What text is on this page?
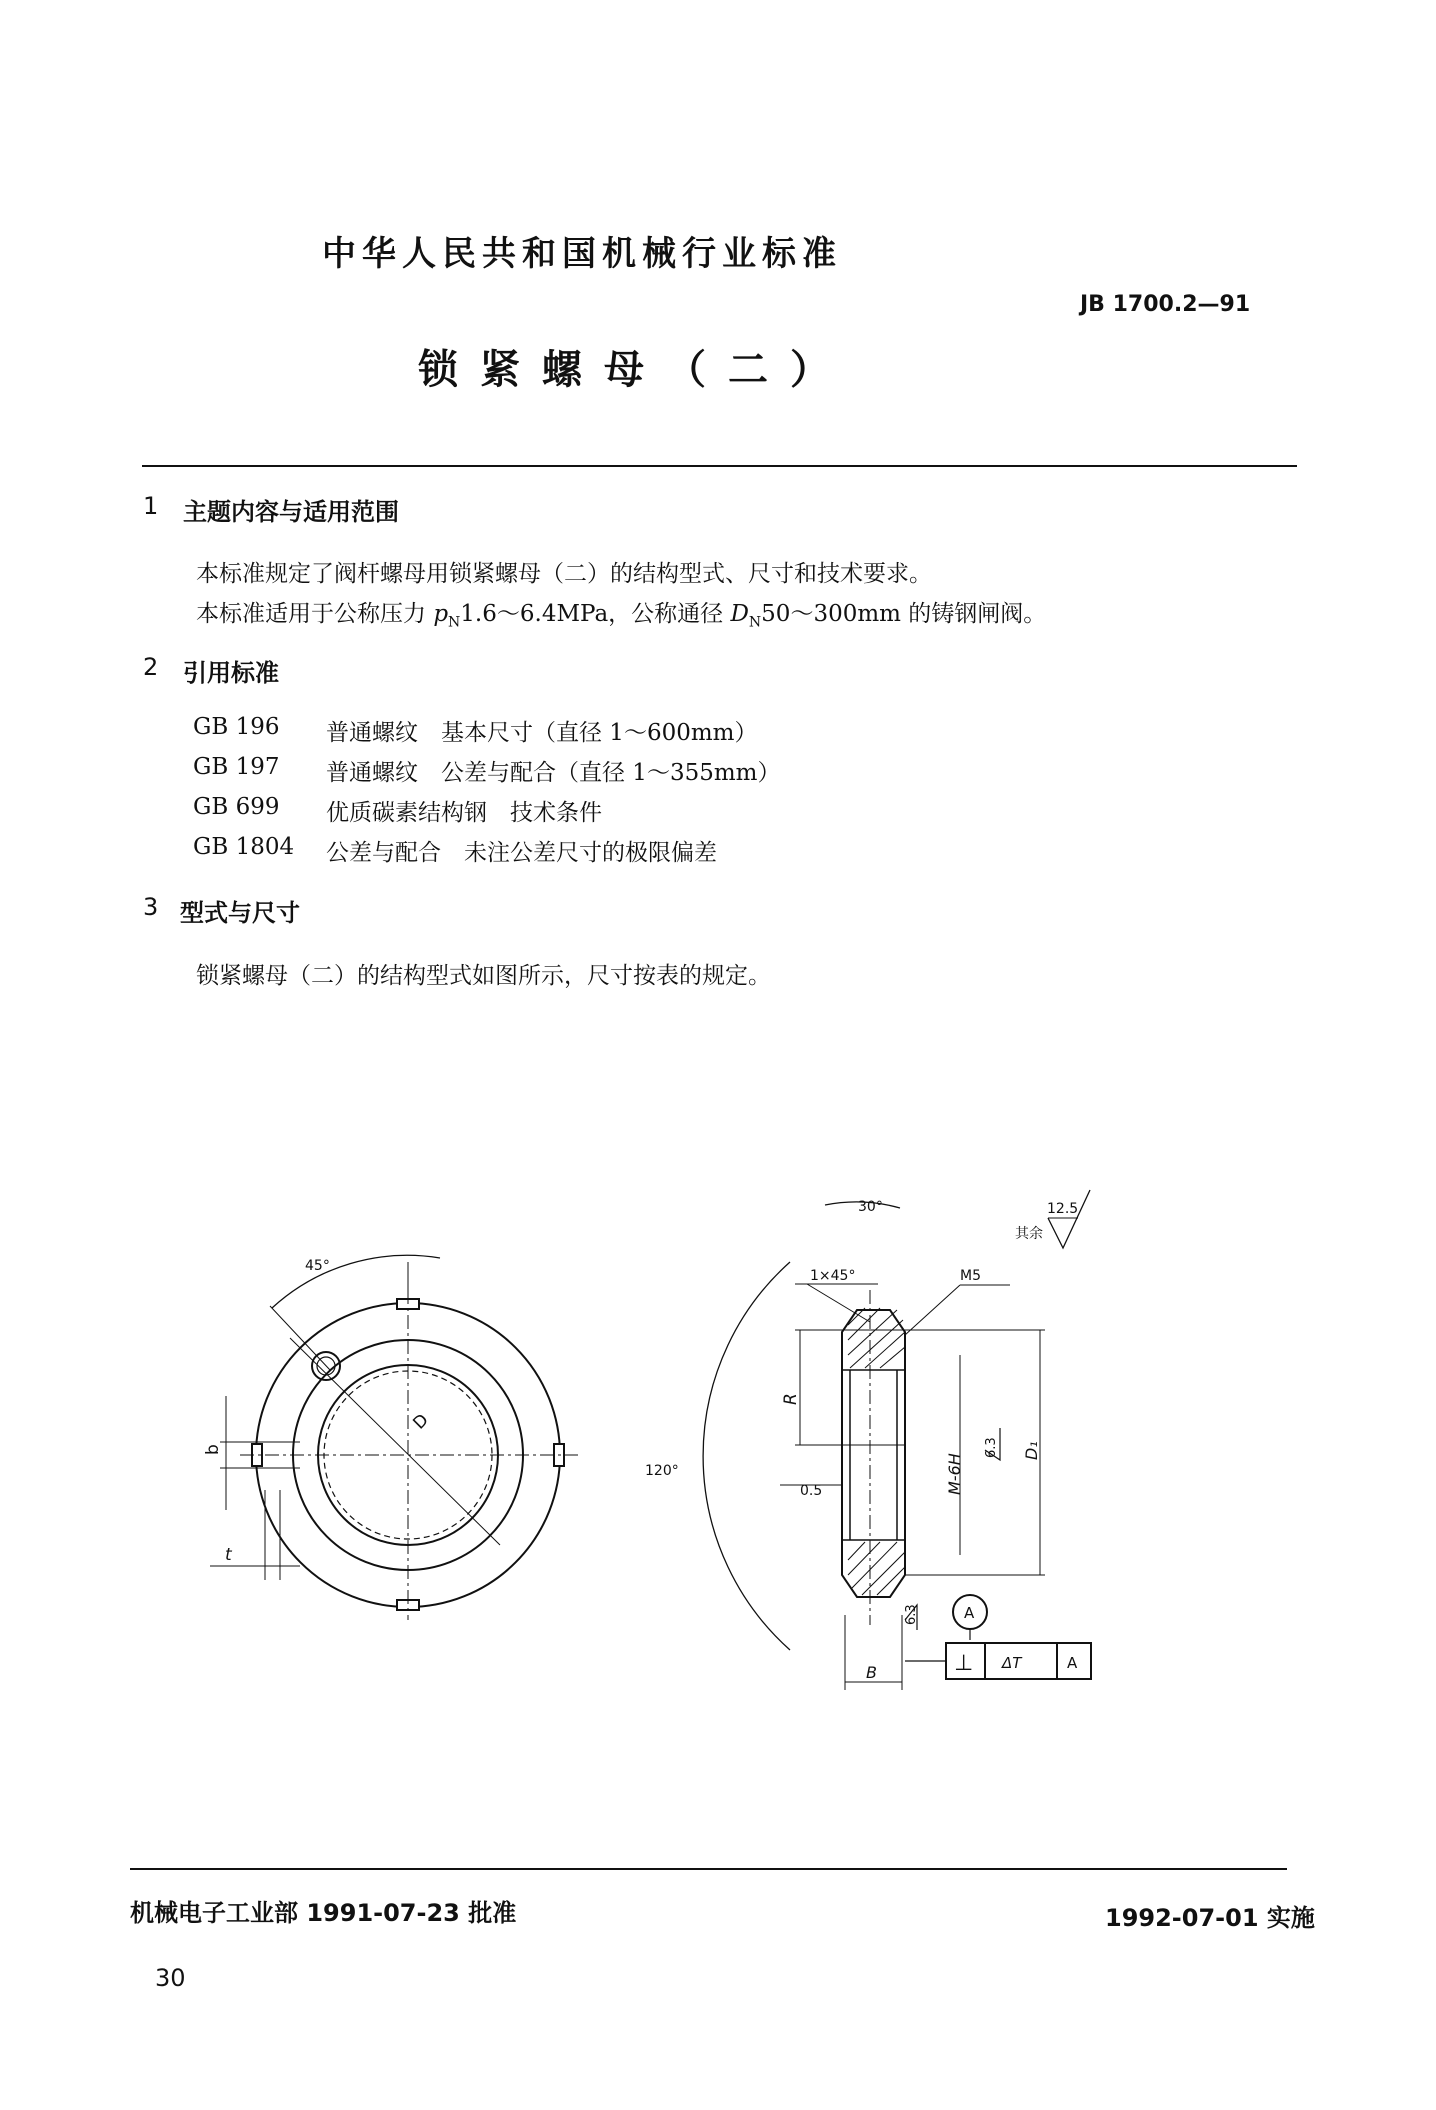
中华人民共和国机械行业标准
JB 1700.2—91
锁紧螺母（二）
1 主题内容与适用范围
本标准规定了阀杆螺母用锁紧螺母（二）的结构型式、尺寸和技术要求。
本标准适用于公称压力 $p_N1.6\sim 6.4MPa$，公称通径 $D_N50\sim 300mm$ 的铸钢闸阀。
2 引用标准
GB 196 普通螺纹　基本尺寸（直径 1～600mm）
GB 197 普通螺纹　公差与配合（直径 1～355mm）
GB 699 优质碳素结构钢　技术条件
GB 1804 公差与配合　未注公差尺寸的极限偏差
3 型式与尺寸
锁紧螺母（二）的结构型式如图所示，尺寸按表的规定。
45°
D
b
t
30°
1×45°	M5
12.5
其余
R
M-6H
6.3 D₁
120°
0.5
6.3	A
B	⊥ ΔT	A
机械电子工业部 1991-07-23 批准	1992-07-01 实施
30
